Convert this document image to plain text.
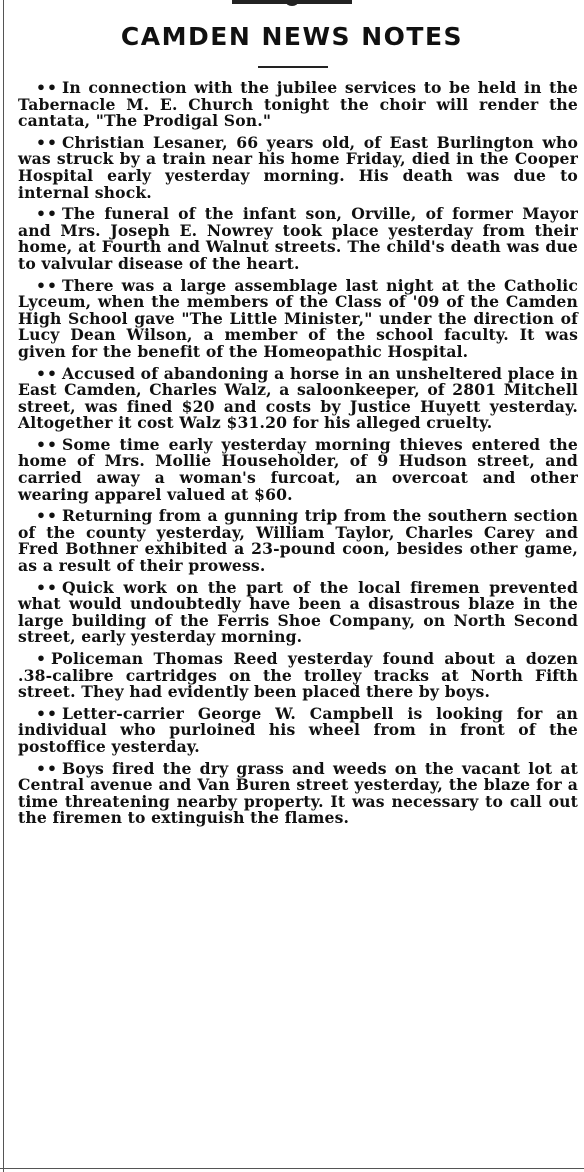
CAMDEN NEWS NOTES

•• In connection with the jubilee services to be held in the Tabernacle M. E. Church tonight the choir will render the cantata, "The Prodigal Son."

•• Christian Lesaner, 66 years old, of East Burlington who was struck by a train near his home Friday, died in the Cooper Hospital early yesterday morning. His death was due to internal shock.

•• The funeral of the infant son, Orville, of former Mayor and Mrs. Joseph E. Nowrey took place yesterday from their home, at Fourth and Walnut streets. The child's death was due to valvular disease of the heart.

•• There was a large assemblage last night at the Catholic Lyceum, when the members of the Class of '09 of the Camden High School gave "The Little Minister," under the direction of Lucy Dean Wilson, a member of the school faculty. It was given for the benefit of the Homeopathic Hospital.

•• Accused of abandoning a horse in an unsheltered place in East Camden, Charles Walz, a saloonkeeper, of 2801 Mitchell street, was fined $20 and costs by Justice Huyett yesterday. Altogether it cost Walz $31.20 for his alleged cruelty.

•• Some time early yesterday morning thieves entered the home of Mrs. Mollie Householder, of 9 Hudson street, and carried away a woman's furcoat, an overcoat and other wearing apparel valued at $60.

•• Returning from a gunning trip from the southern section of the county yesterday, William Taylor, Charles Carey and Fred Bothner exhibited a 23-pound coon, besides other game, as a result of their prowess.

•• Quick work on the part of the local firemen prevented what would undoubtedly have been a disastrous blaze in the large building of the Ferris Shoe Company, on North Second street, early yesterday morning.

• Policeman Thomas Reed yesterday found about a dozen .38-calibre cartridges on the trolley tracks at North Fifth street. They had evidently been placed there by boys.

•• Letter-carrier George W. Campbell is looking for an individual who purloined his wheel from in front of the postoffice yesterday.

•• Boys fired the dry grass and weeds on the vacant lot at Central avenue and Van Buren street yesterday, the blaze for a time threatening nearby property. It was necessary to call out the firemen to extinguish the flames.
